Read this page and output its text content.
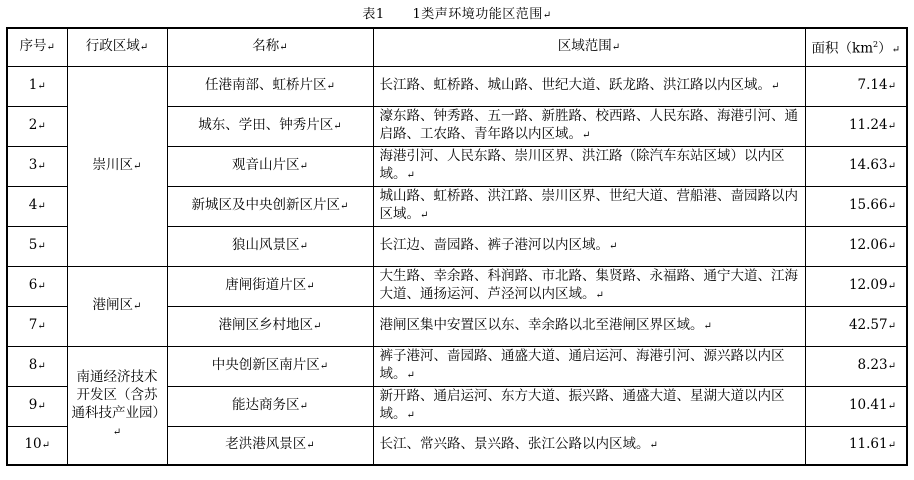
表1 1类声环境功能区范围↵
序号↵	行政区域↵	名称↵	区域范围↵	面积$(km^2)↵$
1↵	崇川区↵	任港南部、虹桥片区↵	长江路、虹桥路、城山路、世纪大道、跃龙路、洪江路以内区域。↵	7.14↵
2↵		城东、学田、钟秀片区↵	濠东路、钟秀路、五一路、新胜路、校西路、人民东路、海港引河、通启路、工农路、青年路以内区域。↵	11.24↵
3↵		观音山片区↵	海港引河、人民东路、崇川区界、洪江路（除汽车东站区域）以内区域。↵	14.63↵
4↵		新城区及中央创新区片区↵	城山路、虹桥路、洪江路、崇川区界、世纪大道、营船港、啬园路以内区域。↵	15.66↵
5↵		狼山风景区↵	长江边、啬园路、裤子港河以内区域。↵	12.06↵
6↵	港闸区↵	唐闸街道片区↵	大生路、幸余路、科润路、市北路、集贤路、永福路、通宁大道、江海大道、通扬运河、芦泾河以内区域。↵	12.09↵
7↵		港闸区乡村地区↵	港闸区集中安置区以东、幸余路以北至港闸区界区域。↵	42.57↵
8↵	南通经济技术开发区（含苏通科技产业园）↵	中央创新区南片区↵	裤子港河、啬园路、通盛大道、通启运河、海港引河、源兴路以内区域。↵	8.23↵
9↵		能达商务区↵	新开路、通启运河、东方大道、振兴路、通盛大道、星湖大道以内区域。↵	10.41↵
10↵		老洪港风景区↵	长江、常兴路、景兴路、张江公路以内区域。↵	11.61↵
